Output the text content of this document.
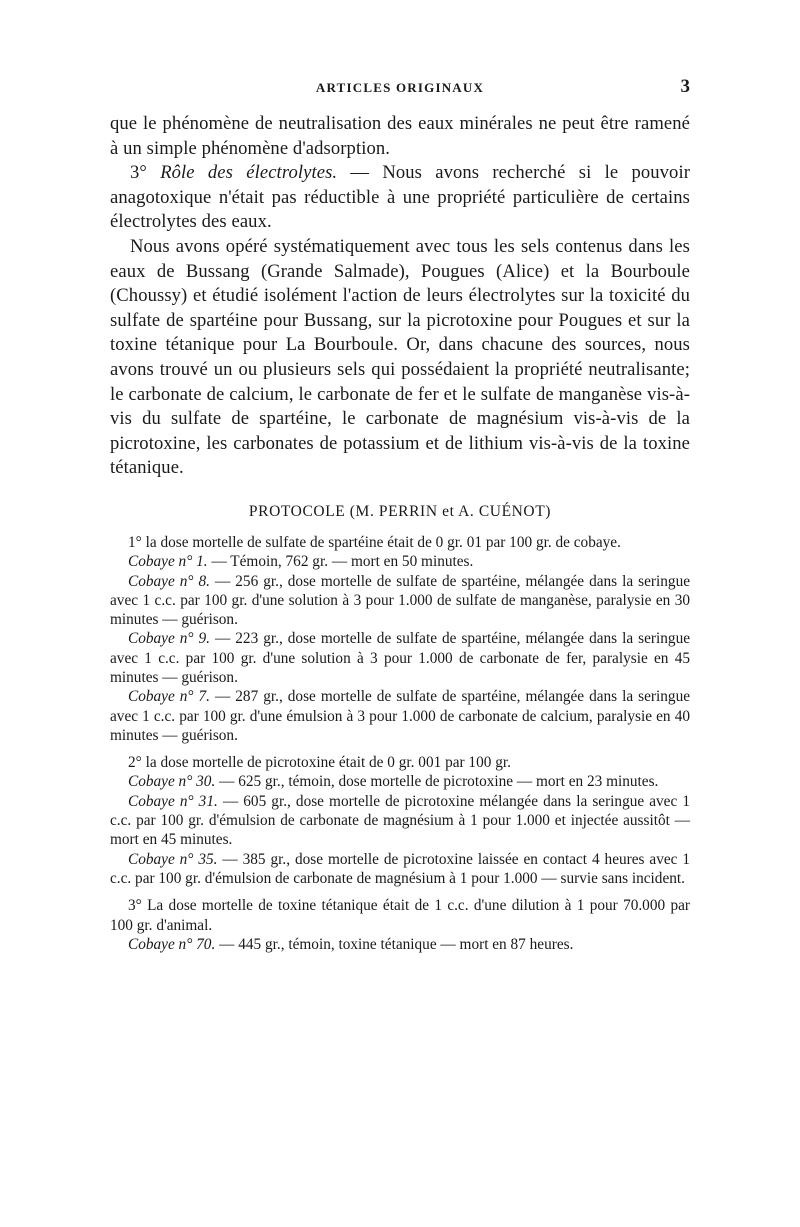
ARTICLES ORIGINAUX	3

que le phénomène de neutralisation des eaux minérales ne peut être ramené à un simple phénomène d'adsorption.

3° Rôle des électrolytes. — Nous avons recherché si le pouvoir anagotoxique n'était pas réductible à une propriété particulière de certains électrolytes des eaux.

Nous avons opéré systématiquement avec tous les sels contenus dans les eaux de Bussang (Grande Salmade), Pougues (Alice) et la Bourboule (Choussy) et étudié isolément l'action de leurs électrolytes sur la toxicité du sulfate de spartéine pour Bussang, sur la picrotoxine pour Pougues et sur la toxine tétanique pour La Bourboule. Or, dans chacune des sources, nous avons trouvé un ou plusieurs sels qui possédaient la propriété neutralisante; le carbonate de calcium, le carbonate de fer et le sulfate de manganèse vis-à-vis du sulfate de spartéine, le carbonate de magnésium vis-à-vis de la picrotoxine, les carbonates de potassium et de lithium vis-à-vis de la toxine tétanique.

PROTOCOLE (M. PERRIN et A. CUÉNOT)

1° la dose mortelle de sulfate de spartéine était de 0 gr. 01 par 100 gr. de cobaye.

Cobaye n° 1. — Témoin, 762 gr. — mort en 50 minutes.

Cobaye n° 8. — 256 gr., dose mortelle de sulfate de spartéine, mélangée dans la seringue avec 1 c.c. par 100 gr. d'une solution à 3 pour 1.000 de sulfate de manganèse, paralysie en 30 minutes — guérison.

Cobaye n° 9. — 223 gr., dose mortelle de sulfate de spartéine, mélangée dans la seringue avec 1 c.c. par 100 gr. d'une solution à 3 pour 1.000 de carbonate de fer, paralysie en 45 minutes — guérison.

Cobaye n° 7. — 287 gr., dose mortelle de sulfate de spartéine, mélangée dans la seringue avec 1 c.c. par 100 gr. d'une émulsion à 3 pour 1.000 de carbonate de calcium, paralysie en 40 minutes — guérison.

2° la dose mortelle de picrotoxine était de 0 gr. 001 par 100 gr.

Cobaye n° 30. — 625 gr., témoin, dose mortelle de picrotoxine — mort en 23 minutes.

Cobaye n° 31. — 605 gr., dose mortelle de picrotoxine mélangée dans la seringue avec 1 c.c. par 100 gr. d'émulsion de carbonate de magnésium à 1 pour 1.000 et injectée aussitôt — mort en 45 minutes.

Cobaye n° 35. — 385 gr., dose mortelle de picrotoxine laissée en contact 4 heures avec 1 c.c. par 100 gr. d'émulsion de carbonate de magnésium à 1 pour 1.000 — survie sans incident.

3° La dose mortelle de toxine tétanique était de 1 c.c. d'une dilution à 1 pour 70.000 par 100 gr. d'animal.

Cobaye n° 70. — 445 gr., témoin, toxine tétanique — mort en 87 heures.
